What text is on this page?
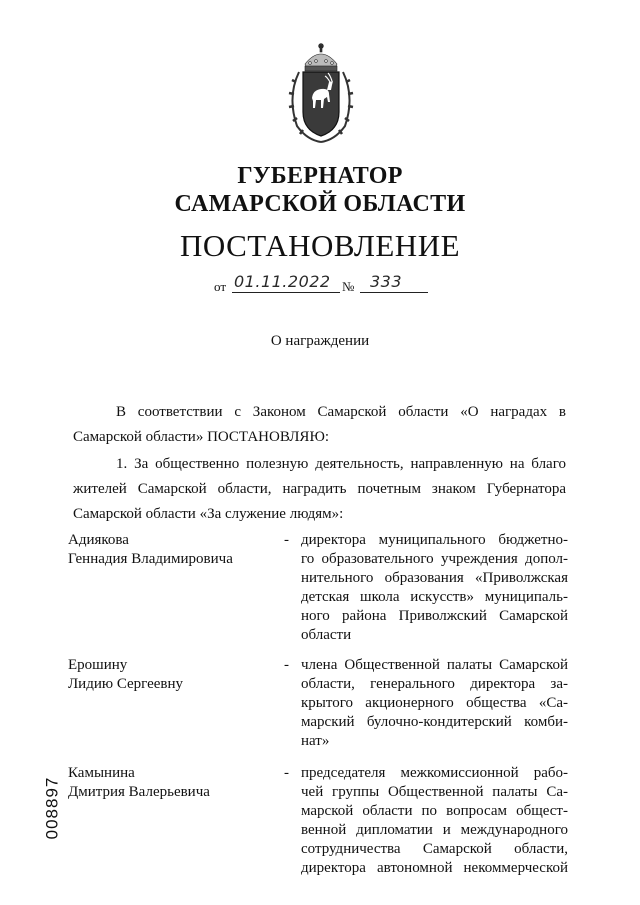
ГУБЕРНАТОР
САМАРСКОЙ ОБЛАСТИ
ПОСТАНОВЛЕНИЕ
от 01.11.2022 № 333
О награждении

В соответствии с Законом Самарской области «О наградах в

Самарской области» ПОСТАНОВЛЯЮ:

1. За общественно полезную деятельность, направленную на благо

жителей Самарской области, наградить почетным знаком Губернатора

Самарской области «За служение людям»:

Адиякова
Геннадия Владимировича
- директора муниципального бюджетно-
го образовательного учреждения допол-
нительного образования «Приволжская
детская школа искусств» муниципаль-
ного района Приволжский Самарской
области
Ерошину
Лидию Сергеевну
- члена Общественной палаты Самарской
области, генерального директора за-
крытого акционерного общества «Са-
марский булочно-кондитерский комби-
нат»
Камынина
Дмитрия Валерьевича
- председателя межкомиссионной рабо-
чей группы Общественной палаты Са-
марской области по вопросам общест-
венной дипломатии и международного
сотрудничества Самарской области,
директора автономной некоммерческой
008897
